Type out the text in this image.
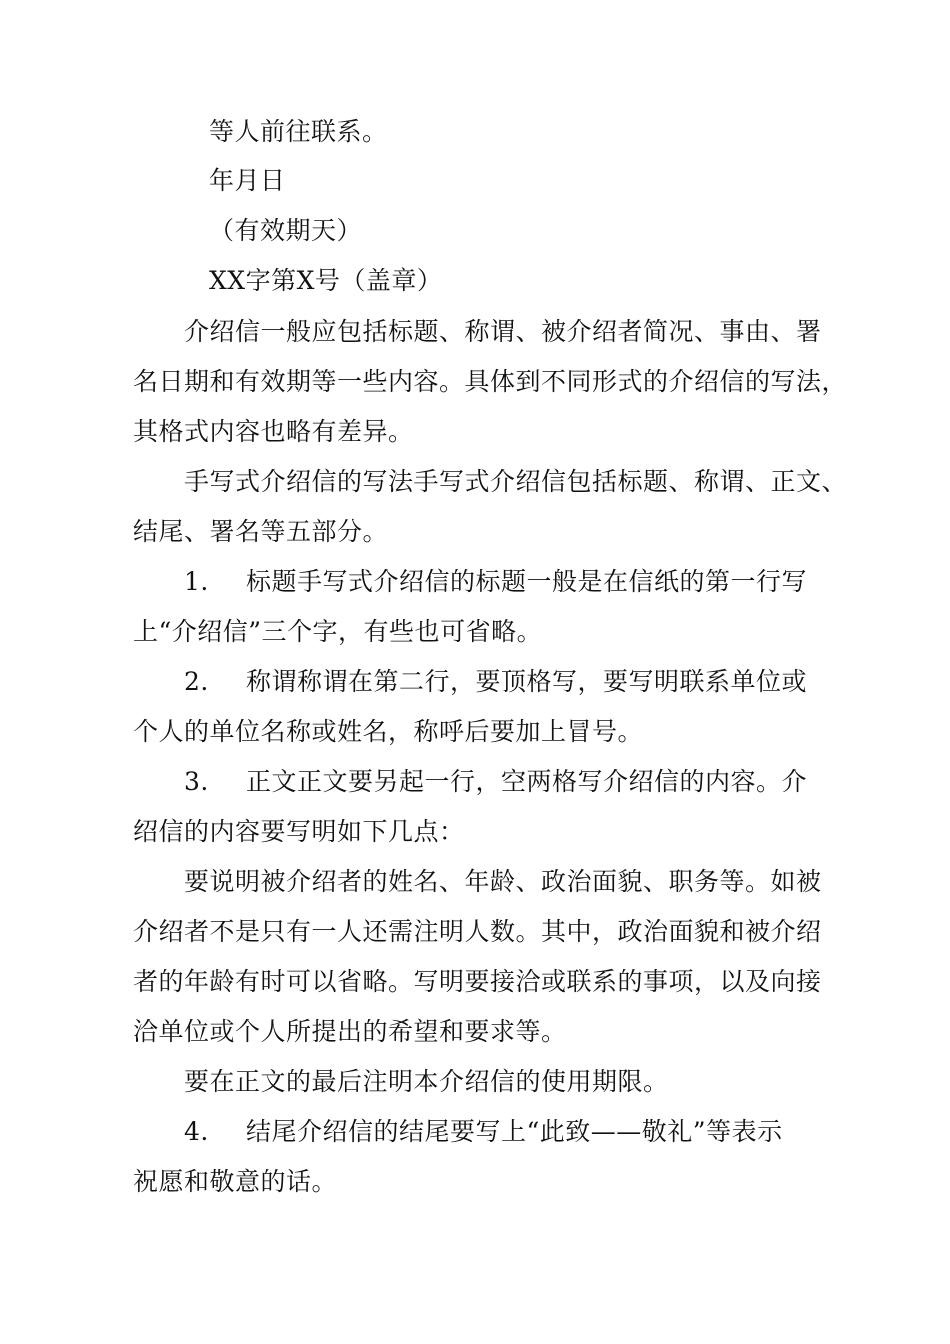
等人前往联系。
年月日
（有效期天）
XX字第X号（盖章）
介绍信一般应包括标题、称谓、被介绍者简况、事由、署
名日期和有效期等一些内容。具体到不同形式的介绍信的写法，
其格式内容也略有差异。
手写式介绍信的写法手写式介绍信包括标题、称谓、正文、
结尾、署名等五部分。
1. 标题手写式介绍信的标题一般是在信纸的第一行写
上“介绍信”三个字，有些也可省略。
2. 称谓称谓在第二行，要顶格写，要写明联系单位或
个人的单位名称或姓名，称呼后要加上冒号。
3. 正文正文要另起一行，空两格写介绍信的内容。介
绍信的内容要写明如下几点：
要说明被介绍者的姓名、年龄、政治面貌、职务等。如被
介绍者不是只有一人还需注明人数。其中，政治面貌和被介绍
者的年龄有时可以省略。写明要接洽或联系的事项，以及向接
洽单位或个人所提出的希望和要求等。
要在正文的最后注明本介绍信的使用期限。
4. 结尾介绍信的结尾要写上“此致——敬礼”等表示
祝愿和敬意的话。
